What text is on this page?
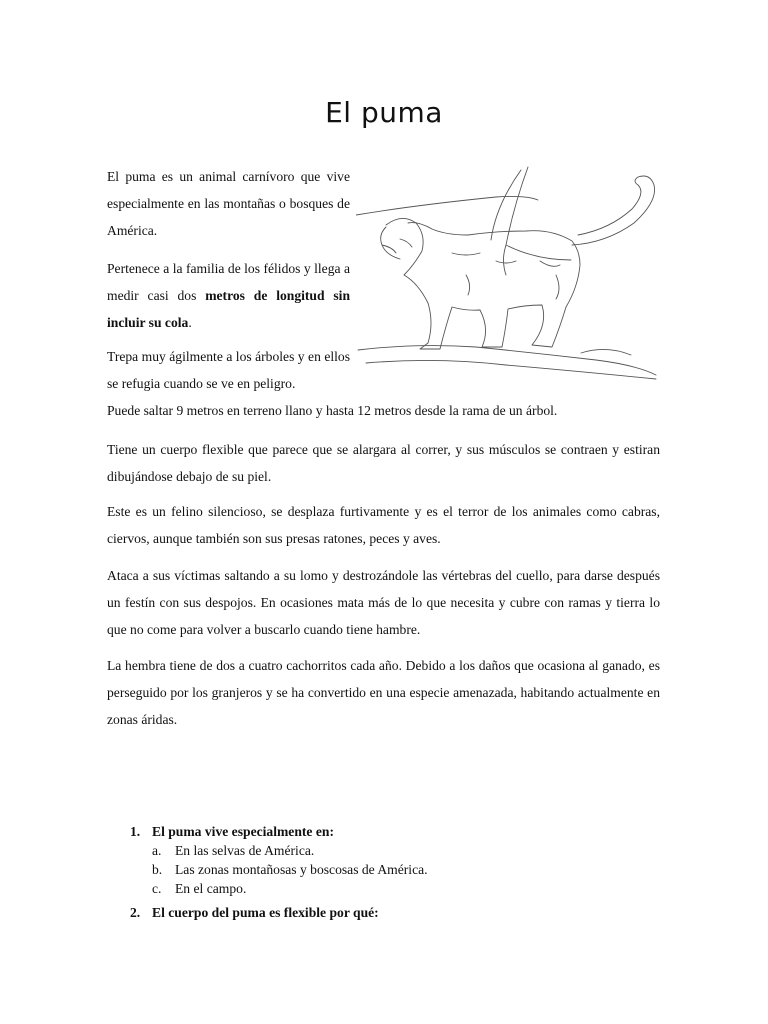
El puma

El puma es un animal carnívoro que vive especialmente en las montañas o bosques de América.

Pertenece a la familia de los félidos y llega a medir casi dos metros de longitud sin incluir su cola.

Trepa muy ágilmente a los árboles y en ellos se refugia cuando se ve en peligro.

Puede saltar 9 metros en terreno llano y hasta 12 metros desde la rama de un árbol.

Tiene un cuerpo flexible que parece que se alargara al correr, y sus músculos se contraen y estiran dibujándose debajo de su piel.

Este es un felino silencioso, se desplaza furtivamente y es el terror de los animales como cabras, ciervos, aunque también son sus presas ratones, peces y aves.

Ataca a sus víctimas saltando a su lomo y destrozándole las vértebras del cuello, para darse después un festín con sus despojos. En ocasiones mata más de lo que necesita y cubre con ramas y tierra lo que no come para volver a buscarlo cuando tiene hambre.

La hembra tiene de dos a cuatro cachorritos cada año. Debido a los daños que ocasiona al ganado, es perseguido por los granjeros y se ha convertido en una especie amenazada, habitando actualmente en zonas áridas.

1. El puma vive especialmente en:
a. En las selvas de América.
b. Las zonas montañosas y boscosas de América.
c. En el campo.
2. El cuerpo del puma es flexible por qué:
